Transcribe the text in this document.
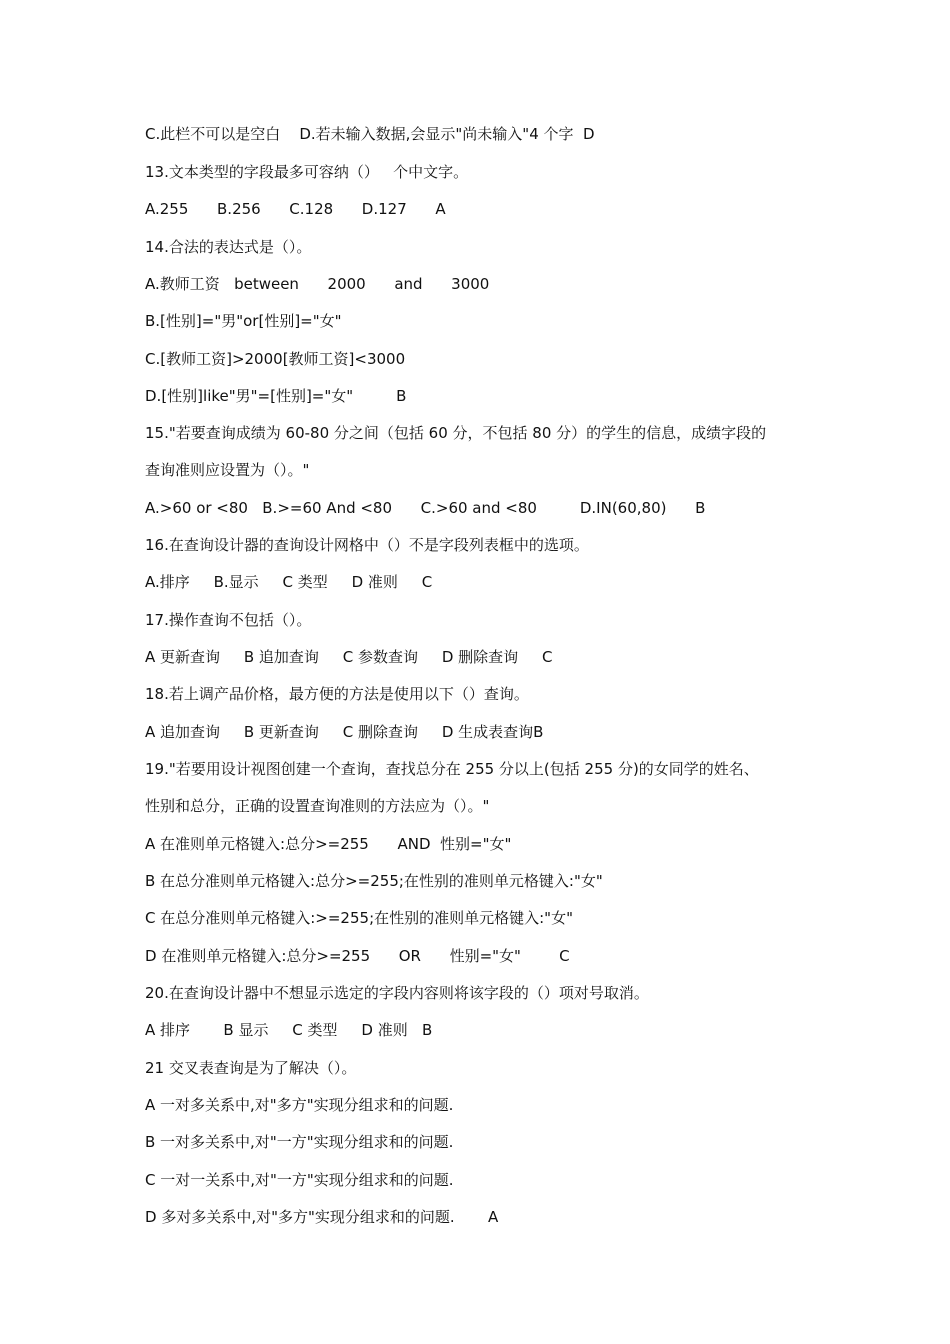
C.此栏不可以是空白    D.若未输入数据,会显示"尚未输入"4 个字  D
13.文本类型的字段最多可容纳（）   个中文字。
A.255      B.256      C.128      D.127      A
14.合法的表达式是（）。
A.教师工资   between      2000      and      3000
B.[性别]="男"or[性别]="女"
C.[教师工资]>2000[教师工资]<3000
D.[性别]like"男"=[性别]="女"         B
15."若要查询成绩为 60-80 分之间（包括 60 分，不包括 80 分）的学生的信息，成绩字段的
查询准则应设置为（）。"
A.>60 or <80   B.>=60 And <80      C.>60 and <80         D.IN(60,80)      B
16.在查询设计器的查询设计网格中（）不是字段列表框中的选项。
A.排序     B.显示     C 类型     D 准则     C
17.操作查询不包括（）。
A 更新查询     B 追加查询     C 参数查询     D 删除查询     C
18.若上调产品价格，最方便的方法是使用以下（）查询。
A 追加查询     B 更新查询     C 删除查询     D 生成表查询B
19."若要用设计视图创建一个查询，查找总分在 255 分以上(包括 255 分)的女同学的姓名、
性别和总分，正确的设置查询准则的方法应为（）。"
A 在准则单元格键入:总分>=255      AND  性别="女"
B 在总分准则单元格键入:总分>=255;在性别的准则单元格键入:"女"
C 在总分准则单元格键入:>=255;在性别的准则单元格键入:"女"
D 在准则单元格键入:总分>=255      OR      性别="女"        C
20.在查询设计器中不想显示选定的字段内容则将该字段的（）项对号取消。
A 排序       B 显示     C 类型     D 准则   B
21 交叉表查询是为了解决（）。
A 一对多关系中,对"多方"实现分组求和的问题.
B 一对多关系中,对"一方"实现分组求和的问题.
C 一对一关系中,对"一方"实现分组求和的问题.
D 多对多关系中,对"多方"实现分组求和的问题.       A
